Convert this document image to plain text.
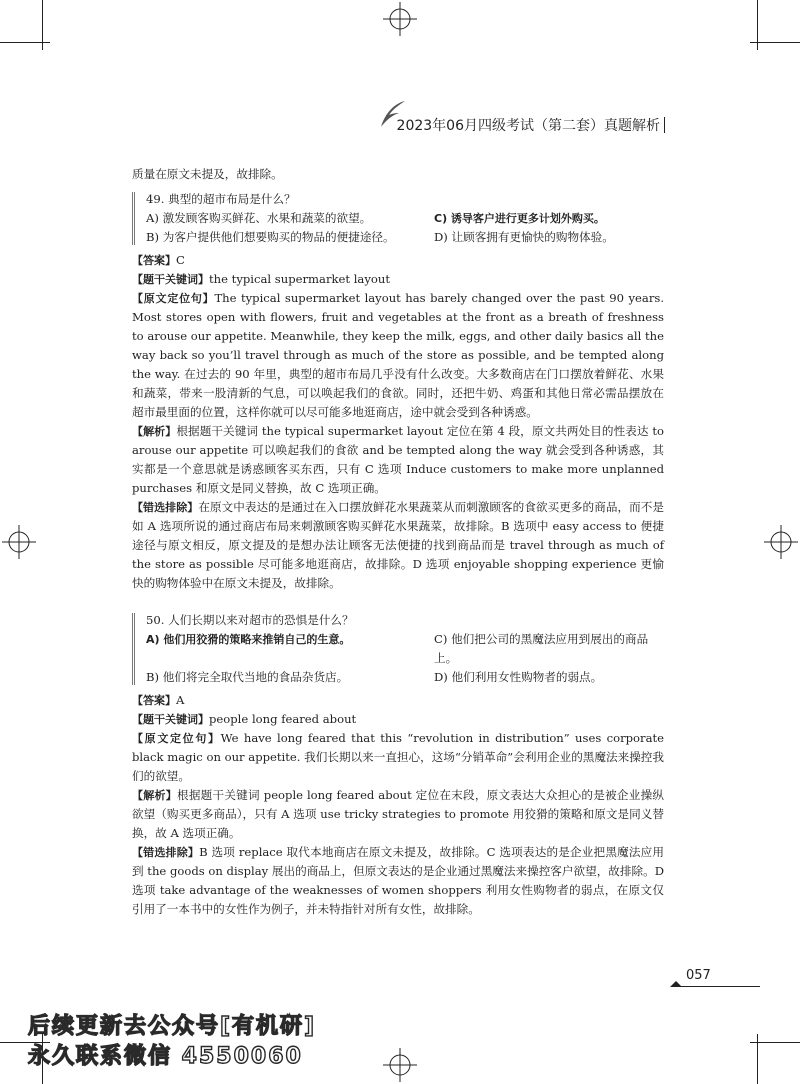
2023年06月四级考试（第二套）真题解析

质量在原文未提及，故排除。

49. 典型的超市布局是什么？

A) 激发顾客购买鲜花、水果和蔬菜的欲望。	C) 诱导客户进行更多计划外购买。
B) 为客户提供他们想要购买的物品的便捷途径。	D) 让顾客拥有更愉快的购物体验。

【答案】C

【题干关键词】the typical supermarket layout

【原文定位句】The typical supermarket layout has barely changed over the past 90 years. Most stores open with flowers, fruit and vegetables at the front as a breath of freshness to arouse our appetite. Meanwhile, they keep the milk, eggs, and other daily basics all the way back so you’ll travel through as much of the store as possible, and be tempted along the way. 在过去的 90 年里，典型的超市布局几乎没有什么改变。大多数商店在门口摆放着鲜花、水果和蔬菜，带来一股清新的气息，可以唤起我们的食欲。同时，还把牛奶、鸡蛋和其他日常必需品摆放在超市最里面的位置，这样你就可以尽可能多地逛商店，途中就会受到各种诱惑。

【解析】根据题干关键词 the typical supermarket layout 定位在第 4 段，原文共两处目的性表达 to arouse our appetite 可以唤起我们的食欲 and be tempted along the way 就会受到各种诱惑，其实都是一个意思就是诱惑顾客买东西，只有 C 选项 Induce customers to make more unplanned purchases 和原文是同义替换，故 C 选项正确。

【错选排除】在原文中表达的是通过在入口摆放鲜花水果蔬菜从而刺激顾客的食欲买更多的商品，而不是如 A 选项所说的通过商店布局来刺激顾客购买鲜花水果蔬菜，故排除。B 选项中 easy access to 便捷途径与原文相反，原文提及的是想办法让顾客无法便捷的找到商品而是 travel through as much of the store as possible 尽可能多地逛商店，故排除。D 选项 enjoyable shopping experience 更愉快的购物体验中在原文未提及，故排除。

50. 人们长期以来对超市的恐惧是什么？

A) 他们用狡猾的策略来推销自己的生意。	C) 他们把公司的黑魔法应用到展出的商品上。
B) 他们将完全取代当地的食品杂货店。	D) 他们利用女性购物者的弱点。

【答案】A

【题干关键词】people long feared about

【原文定位句】We have long feared that this “revolution in distribution” uses corporate black magic on our appetite. 我们长期以来一直担心，这场“分销革命”会利用企业的黑魔法来操控我们的欲望。

【解析】根据题干关键词 people long feared about 定位在末段，原文表达大众担心的是被企业操纵欲望（购买更多商品），只有 A 选项 use tricky strategies to promote 用狡猾的策略和原文是同义替换，故 A 选项正确。

【错选排除】B 选项 replace 取代本地商店在原文未提及，故排除。C 选项表达的是企业把黑魔法应用到 the goods on display 展出的商品上，但原文表达的是企业通过黑魔法来操控客户欲望，故排除。D 选项 take advantage of the weaknesses of women shoppers 利用女性购物者的弱点，在原文仅引用了一本书中的女性作为例子，并未特指针对所有女性，故排除。

057
后续更新去公众号[有机研]
永久联系微信 4550060
